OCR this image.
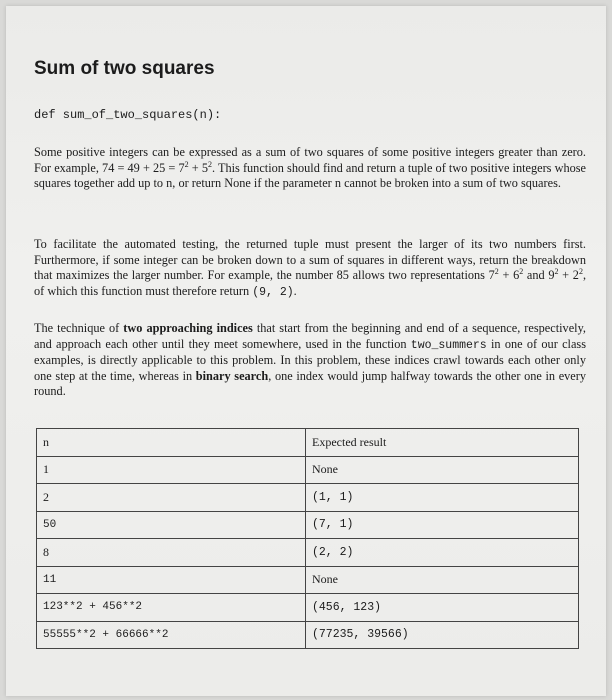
Sum of two squares
def sum_of_two_squares(n):
Some positive integers can be expressed as a sum of two squares of some positive integers greater than zero. For example, $74 = 49 + 25 = 7^2 + 5^2$. This function should find and return a tuple of two positive integers whose squares together add up to n, or return None if the parameter n cannot be broken into a sum of two squares.
To facilitate the automated testing, the returned tuple must present the larger of its two numbers first. Furthermore, if some integer can be broken down to a sum of squares in different ways, return the breakdown that maximizes the larger number. For example, the number 85 allows two representations $7^2 + 6^2$ and $9^2 + 2^2$, of which this function must therefore return (9, 2).
The technique of two approaching indices that start from the beginning and end of a sequence, respectively, and approach each other until they meet somewhere, used in the function two_summers in one of our class examples, is directly applicable to this problem. In this problem, these indices crawl towards each other only one step at the time, whereas in binary search, one index would jump halfway towards the other one in every round.
n	Expected result
1	None
2	(1, 1)
50	(7, 1)
8	(2, 2)
11	None
123**2 + 456**2	(456, 123)
55555**2 + 66666**2	(77235, 39566)
